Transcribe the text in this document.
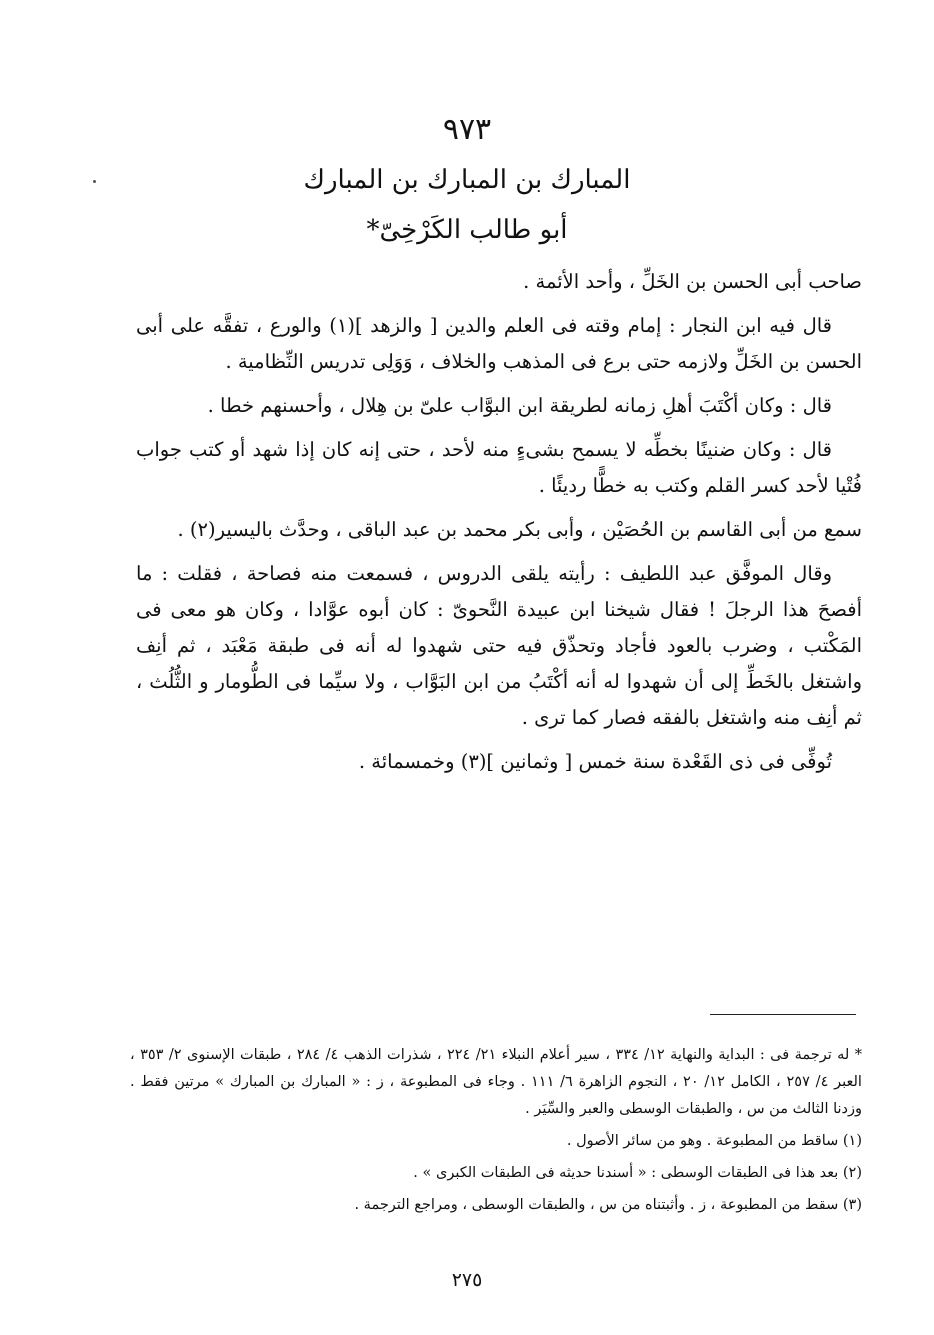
٩٧٣
المبارك بن المبارك بن المبارك
أبو طالب الكَرْخِىّ*

صاحب أبى الحسن بن الخَلِّ ، وأحد الأئمة .

قال فيه ابن النجار : إمام وقته فى العلم والدين [ والزهد ](١) والورع ، تفقَّه على أبى الحسن بن الخَلِّ ولازمه حتى برع فى المذهب والخلاف ، وَوَلِى تدريس النِّظامية .

قال : وكان أكْتَبَ أهلِ زمانه لطريقة ابن البوَّاب علىّ بن هِلال ، وأحسنهم خطا .

قال : وكان ضنينًا بخطِّه لا يسمح بشىءٍ منه لأحد ، حتى إنه كان إذا شهد أو كتب جواب فُتْيا لأحد كسر القلم وكتب به خطًّا رديئًا .

سمع من أبى القاسم بن الحُصَيْن ، وأبى بكر محمد بن عبد الباقى ، وحدَّث باليسير(٢) .

وقال الموفَّق عبد اللطيف : رأيته يلقى الدروس ، فسمعت منه فصاحة ، فقلت : ما أفصحَ هذا الرجلَ ! فقال شيخنا ابن عبيدة النَّحوىّ : كان أبوه عوَّادا ، وكان هو معى فى المَكْتب ، وضرب بالعود فأجاد وتحذّق فيه حتى شهدوا له أنه فى طبقة مَعْبَد ، ثم أنِف واشتغل بالخَطِّ إلى أن شهدوا له أنه أكْتَبُ من ابن البَوَّاب ، ولا سيِّما فى الطُّومار و الثُّلُث ، ثم أنِف منه واشتغل بالفقه فصار كما ترى .

تُوفِّى فى ذى القَعْدة سنة خمس [ وثمانين ](٣) وخمسمائة .

* له ترجمة فى : البداية والنهاية ١٢/ ٣٣٤ ، سير أعلام النبلاء ٢١/ ٢٢٤ ، شذرات الذهب ٤/ ٢٨٤ ، طبقات الإسنوى ٢/ ٣٥٣ ، العبر ٤/ ٢٥٧ ، الكامل ١٢/ ٢٠ ، النجوم الزاهرة ٦/ ١١١ . وجاء فى المطبوعة ، ز : « المبارك بن المبارك » مرتين فقط . وزدنا الثالث من س ، والطبقات الوسطى والعبر والسِّيَر .

(١) ساقط من المطبوعة . وهو من سائر الأصول .

(٢) بعد هذا فى الطبقات الوسطى : « أسندنا حديثه فى الطبقات الكبرى » .

(٣) سقط من المطبوعة ، ز . وأثبتناه من س ، والطبقات الوسطى ، ومراجع الترجمة .

٢٧٥
